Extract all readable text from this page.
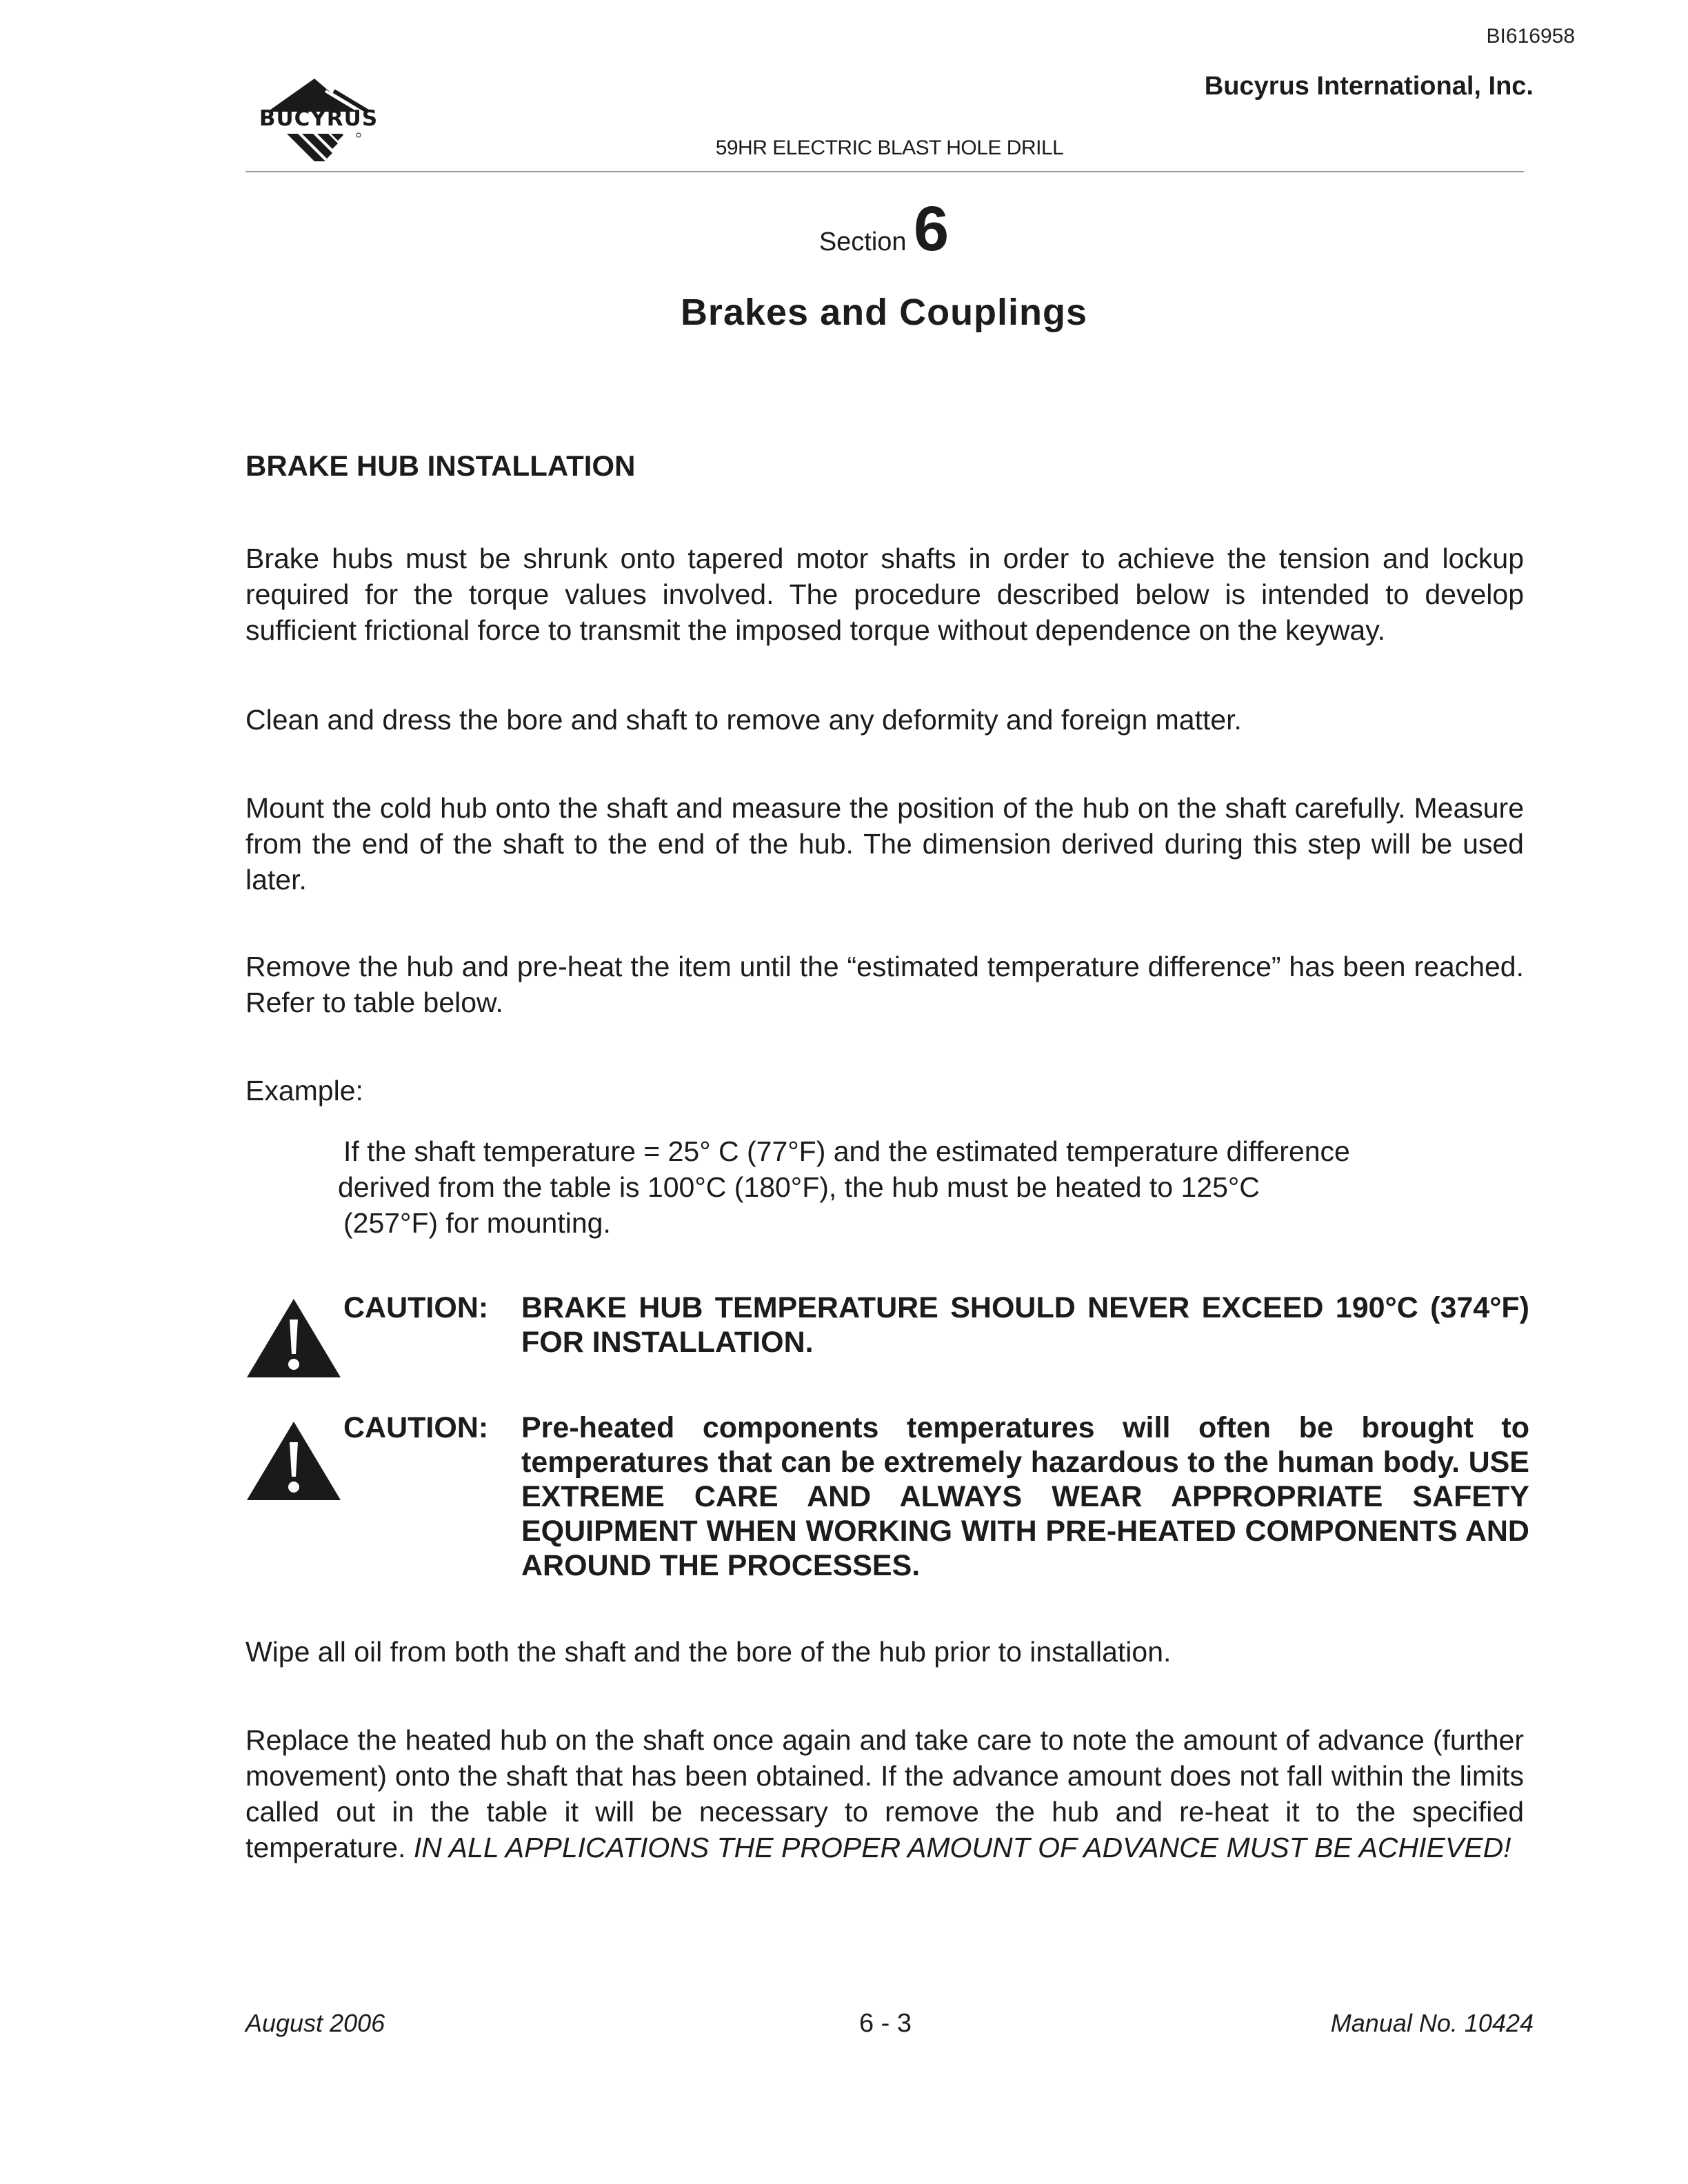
BI616958
Bucyrus International, Inc.
BUCYRUS
59HR ELECTRIC BLAST HOLE DRILL
Section 6
Brakes and Couplings
BRAKE HUB INSTALLATION
Brake hubs must be shrunk onto tapered motor shafts in order to achieve the tension and lockup required for the torque values involved. The procedure described below is intended to develop sufficient frictional force to transmit the imposed torque without dependence on the keyway.
Clean and dress the bore and shaft to remove any deformity and foreign matter.
Mount the cold hub onto the shaft and measure the position of the hub on the shaft carefully. Measure from the end of the shaft to the end of the hub. The dimension derived during this step will be used later.
Remove the hub and pre-heat the item until the “estimated temperature difference” has been reached. Refer to table below.
Example:
If the shaft temperature = 25° C (77°F) and the estimated temperature difference
derived from the table is 100°C (180°F), the hub must be heated to 125°C
(257°F) for mounting.
CAUTION: BRAKE HUB TEMPERATURE SHOULD NEVER EXCEED 190°C (374°F) FOR INSTALLATION.
CAUTION: Pre-heated components temperatures will often be brought to temperatures that can be extremely hazardous to the human body. USE EXTREME CARE AND ALWAYS WEAR APPROPRIATE SAFETY EQUIPMENT WHEN WORKING WITH PRE-HEATED COMPONENTS AND AROUND THE PROCESSES.
Wipe all oil from both the shaft and the bore of the hub prior to installation.
Replace the heated hub on the shaft once again and take care to note the amount of advance (further movement) onto the shaft that has been obtained. If the advance amount does not fall within the limits called out in the table it will be necessary to remove the hub and re-heat it to the specified temperature. IN ALL APPLICATIONS THE PROPER AMOUNT OF ADVANCE MUST BE ACHIEVED!
August 2006	6 - 3	Manual No. 10424
